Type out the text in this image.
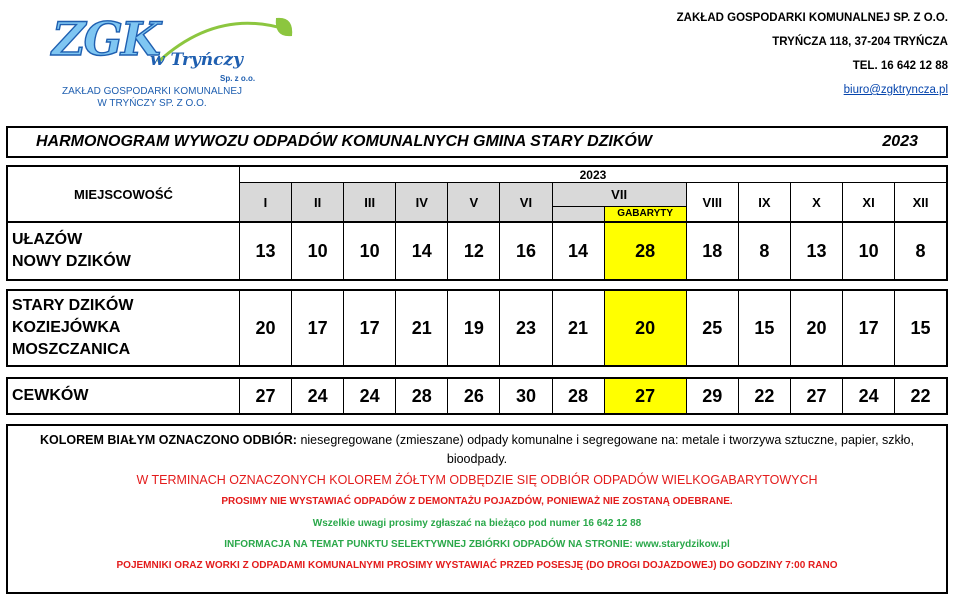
ZGK
w Tryńczy
Sp. z o.o.
ZAKŁAD GOSPODARKI KOMUNALNEJ
W TRYŃCZY SP. Z O.O.
ZAKŁAD GOSPODARKI KOMUNALNEJ SP. Z O.O.
TRYŃCZA 118, 37-204 TRYŃCZA
TEL. 16 642 12 88
biuro@zgktryncza.pl
HARMONOGRAM WYWOZU ODPADÓW KOMUNALNYCH GMINA STARY DZIKÓW	2023
MIEJSCOWOŚĆ	2023												
	I	II	III	IV	V	VI	VII		VIII	IX	X	XI	XII
								GABARYTY					

UŁAZÓW
NOWY DZIKÓW	13	10	10	14	12	16	14	28	18	8	13	10	8

STARY DZIKÓW
KOZIEJÓWKA
MOSZCZANICA	20	17	17	21	19	23	21	20	25	15	20	17	15

CEWKÓW	27	24	24	28	26	30	28	27	29	22	27	24	22
KOLOREM BIAŁYM OZNACZONO ODBIÓR: niesegregowane (zmieszane) odpady komunalne i segregowane na: metale i tworzywa sztuczne, papier, szkło, bioodpady.
W TERMINACH OZNACZONYCH KOLOREM ŻÓŁTYM ODBĘDZIE SIĘ ODBIÓR ODPADÓW WIELKOGABARYTOWYCH
PROSIMY NIE WYSTAWIAĆ ODPADÓW Z DEMONTAŻU POJAZDÓW, PONIEWAŻ NIE ZOSTANĄ ODEBRANE.
Wszelkie uwagi prosimy zgłaszać na bieżąco pod numer 16 642 12 88
INFORMACJA NA TEMAT PUNKTU SELEKTYWNEJ ZBIÓRKI ODPADÓW NA STRONIE: www.starydzikow.pl
POJEMNIKI ORAZ WORKI Z ODPADAMI KOMUNALNYMI PROSIMY WYSTAWIAĆ PRZED POSESJĘ (DO DROGI DOJAZDOWEJ) DO GODZINY 7:00 RANO
